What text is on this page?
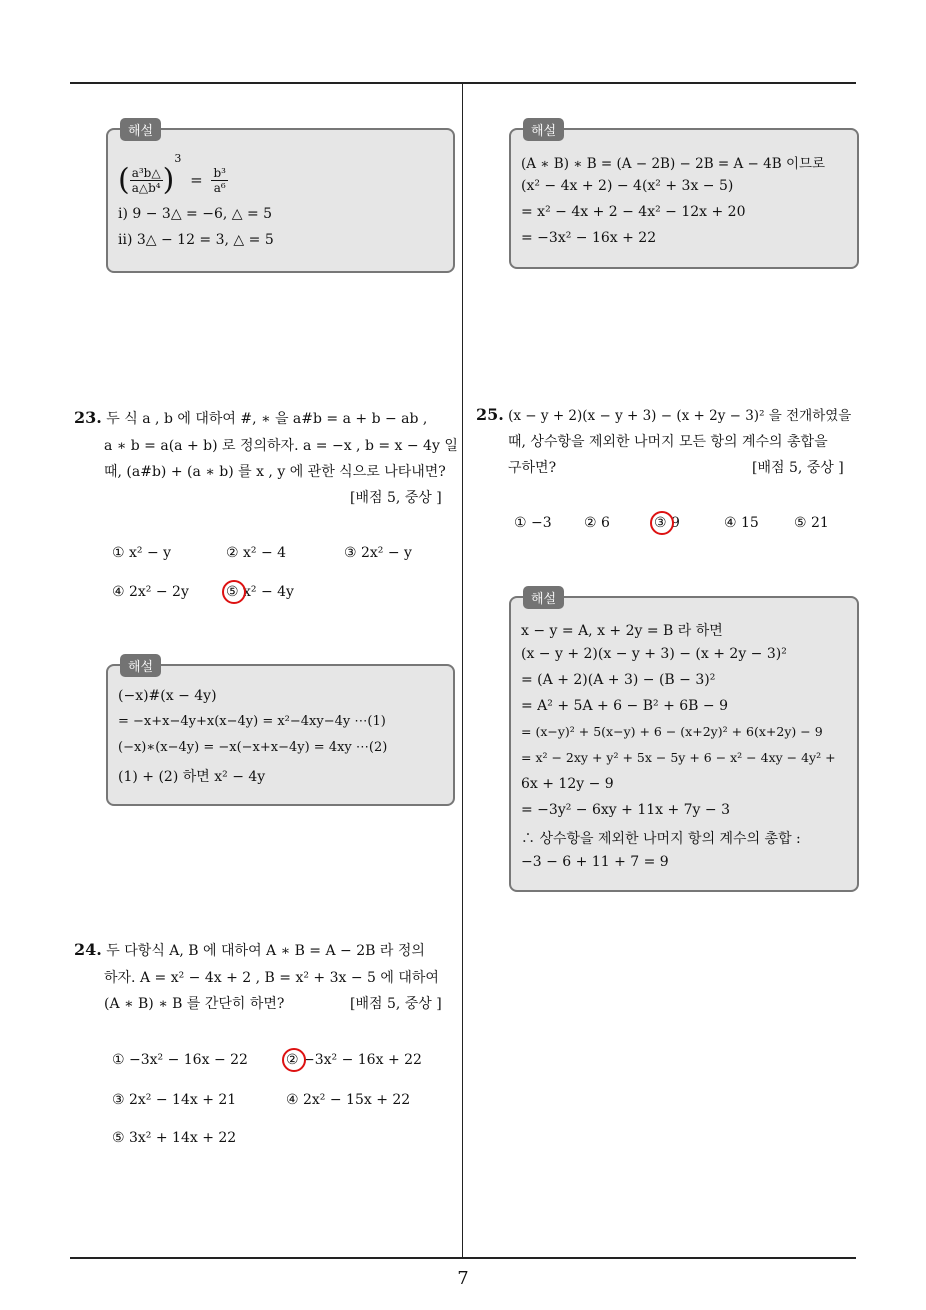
해설
( $\frac{\text{a³b△}}{\text{a△b⁴}} )^3 = \frac{\text{b³}}{\text{a⁶}}$
ⅰ) 9 − 3△ = −6, △ = 5
ⅱ) 3△ − 12 = 3, △ = 5
23. 두 식 a , b 에 대하여 #, ∗ 을 a#b = a + b − ab ,
a ∗ b = a(a + b) 로 정의하자. a = −x , b = x − 4y 일
때, (a#b) + (a ∗ b) 를 x , y 에 관한 식으로 나타내면?
[배점 5, 중상 ]
① x² − y	② x² − 4	③ 2x² − y
④ 2x² − 2y	⑤ x² − 4y
해설
(−x)#(x − 4y)
= −x+x−4y+x(x−4y) = x²−4xy−4y ⋯(1)
(−x)∗(x−4y) = −x(−x+x−4y) = 4xy ⋯(2)
(1) + (2) 하면 x² − 4y
24. 두 다항식 A, B 에 대하여 A ∗ B = A − 2B 라 정의
하자. A = x² − 4x + 2 , B = x² + 3x − 5 에 대하여
(A ∗ B) ∗ B 를 간단히 하면?	[배점 5, 중상 ]
① −3x² − 16x − 22	② −3x² − 16x + 22
③ 2x² − 14x + 21	④ 2x² − 15x + 22
⑤ 3x² + 14x + 22
해설
(A ∗ B) ∗ B = (A − 2B) − 2B = A − 4B 이므로
(x² − 4x + 2) − 4(x² + 3x − 5)
= x² − 4x + 2 − 4x² − 12x + 20
= −3x² − 16x + 22
25. (x − y + 2)(x − y + 3) − (x + 2y − 3)² 을 전개하였을
때, 상수항을 제외한 나머지 모든 항의 계수의 총합을
구하면?	[배점 5, 중상 ]
① −3 ② 6	③ 9	④ 15	⑤ 21
해설
x − y = A, x + 2y = B 라 하면
(x − y + 2)(x − y + 3) − (x + 2y − 3)²
= (A + 2)(A + 3) − (B − 3)²
= A² + 5A + 6 − B² + 6B − 9
= (x−y)² + 5(x−y) + 6 − (x+2y)² + 6(x+2y) − 9
= x² − 2xy + y² + 5x − 5y + 6 − x² − 4xy − 4y² +
6x + 12y − 9
= −3y² − 6xy + 11x + 7y − 3
∴ 상수항을 제외한 나머지 항의 계수의 총합 :
−3 − 6 + 11 + 7 = 9
7
